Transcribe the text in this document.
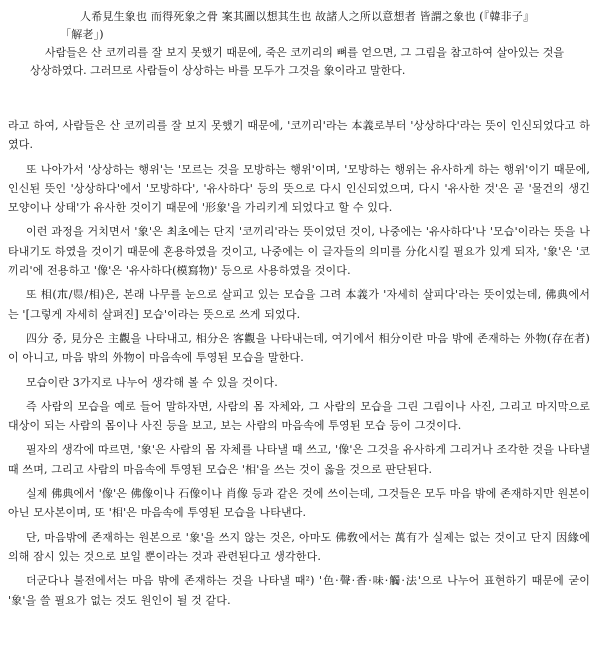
人希見生象也 而得死象之骨 案其圖以想其生也 故諸人之所以意想者 皆謂之象也 (『韓非子』
「解老」)
사람들은 산 코끼리를 잘 보지 못했기 때문에, 죽은 코끼리의 뼈를 얻으면, 그 그림을 참고하여 살아있는 것을 상상하였다. 그러므로 사람들이 상상하는 바를 모두가 그것을 象이라고 말한다.

라고 하여, 사람들은 산 코끼리를 잘 보지 못했기 때문에, '코끼리'라는 本義로부터 '상상하다'라는 뜻이 인신되었다고 하였다.

또 나아가서 '상상하는 행위'는 '모르는 것을 모방하는 행위'이며, '모방하는 행위는 유사하게 하는 행위'이기 때문에, 인신된 뜻인 '상상하다'에서 '모방하다', '유사하다' 등의 뜻으로 다시 인신되었으며, 다시 '유사한 것'은 곧 '물건의 생긴 모양이나 상태'가 유사한 것이기 때문에 '形象'을 가리키게 되었다고 할 수 있다.

이런 과정을 거치면서 '象'은 최초에는 단지 '코끼리'라는 뜻이었던 것이, 나중에는 '유사하다'나 '모습'이라는 뜻을 나타내기도 하였을 것이기 때문에 혼용하였을 것이고, 나중에는 이 글자들의 의미를 分化시킬 필요가 있게 되자, '象'은 '코끼리'에 전용하고 '像'은 '유사하다(模寫物)' 등으로 사용하였을 것이다.

또 相(𣎳/𥄉/相)은, 본래 나무를 눈으로 살피고 있는 모습을 그려 本義가 '자세히 살피다'라는 뜻이었는데, 佛典에서는 '[그렇게 자세히 살펴진] 모습'이라는 뜻으로 쓰게 되었다.

四分 중, 見分은 主觀을 나타내고, 相分은 客觀을 나타내는데, 여기에서 相分이란 마음 밖에 존재하는 外物(存在者)이 아니고, 마음 밖의 外物이 마음속에 투영된 모습을 말한다.

모습이란 3가지로 나누어 생각해 볼 수 있을 것이다.

즉 사람의 모습을 예로 들어 말하자면, 사람의 몸 자체와, 그 사람의 모습을 그린 그림이나 사진, 그리고 마지막으로 대상이 되는 사람의 몸이나 사진 등을 보고, 보는 사람의 마음속에 투영된 모습 등이 그것이다.

필자의 생각에 따르면, '象'은 사람의 몸 자체를 나타낼 때 쓰고, '像'은 그것을 유사하게 그리거나 조각한 것을 나타낼 때 쓰며, 그리고 사람의 마음속에 투영된 모습은 '相'을 쓰는 것이 옳을 것으로 판단된다.

실제 佛典에서 '像'은 佛像이나 石像이나 肖像 등과 같은 것에 쓰이는데, 그것들은 모두 마음 밖에 존재하지만 원본이 아닌 모사본이며, 또 '相'은 마음속에 투영된 모습을 나타낸다.

단, 마음밖에 존재하는 원본으로 '象'을 쓰지 않는 것은, 아마도 佛敎에서는 萬有가 실제는 없는 것이고 단지 因緣에 의해 잠시 있는 것으로 보일 뿐이라는 것과 관련된다고 생각한다.

더군다나 불전에서는 마음 밖에 존재하는 것을 나타낼 때²) '色·聲·香·味·觸·法'으로 나누어 표현하기 때문에 굳이 '象'을 쓸 필요가 없는 것도 원인이 될 것 같다.
